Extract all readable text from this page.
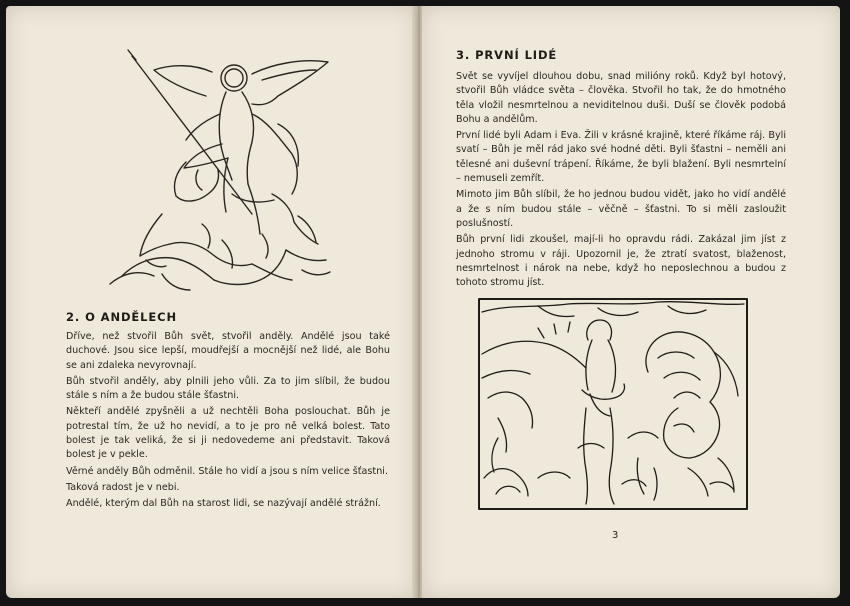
2. O ANDĚLECH

Dříve, než stvořil Bůh svět, stvořil anděly. Andělé jsou také duchové. Jsou sice lepší, moudřejší a mocnější než lidé, ale Bohu se ani zdaleka nevyrovnají.

Bůh stvořil anděly, aby plnili jeho vůli. Za to jim slíbil, že budou stále s ním a že budou stále šťastni.

Někteří andělé zpyšněli a už nechtěli Boha poslouchat. Bůh je potrestal tím, že už ho nevidí, a to je pro ně velká bolest. Tato bolest je tak veliká, že si ji nedovedeme ani představit. Taková bolest je v pekle.

Věrné anděly Bůh odměnil. Stále ho vidí a jsou s ním velice šťastni.

Taková radost je v nebi.

Andělé, kterým dal Bůh na starost lidi, se nazývají andělé strážní.

3. PRVNÍ LIDÉ

Svět se vyvíjel dlouhou dobu, snad milióny roků. Když byl hotový, stvořil Bůh vládce světa – člověka. Stvořil ho tak, že do hmotného těla vložil nesmrtelnou a neviditelnou duši. Duší se člověk podobá Bohu a andělům.

První lidé byli Adam i Eva. Žili v krásné krajině, které říkáme ráj. Byli svatí – Bůh je měl rád jako své hodné děti. Byli šťastni – neměli ani tělesné ani duševní trápení. Říkáme, že byli blažení. Byli nesmrtelní – nemuseli zemřít.

Mimoto jim Bůh slíbil, že ho jednou budou vidět, jako ho vidí andělé a že s ním budou stále – věčně – šťastni. To si měli zasloužit poslušností.

Bůh první lidi zkoušel, mají-li ho opravdu rádi. Zakázal jim jíst z jednoho stromu v ráji. Upozornil je, že ztratí svatost, blaženost, nesmrtelnost i nárok na nebe, když ho neposlechnou a budou z tohoto stromu jíst.

3
